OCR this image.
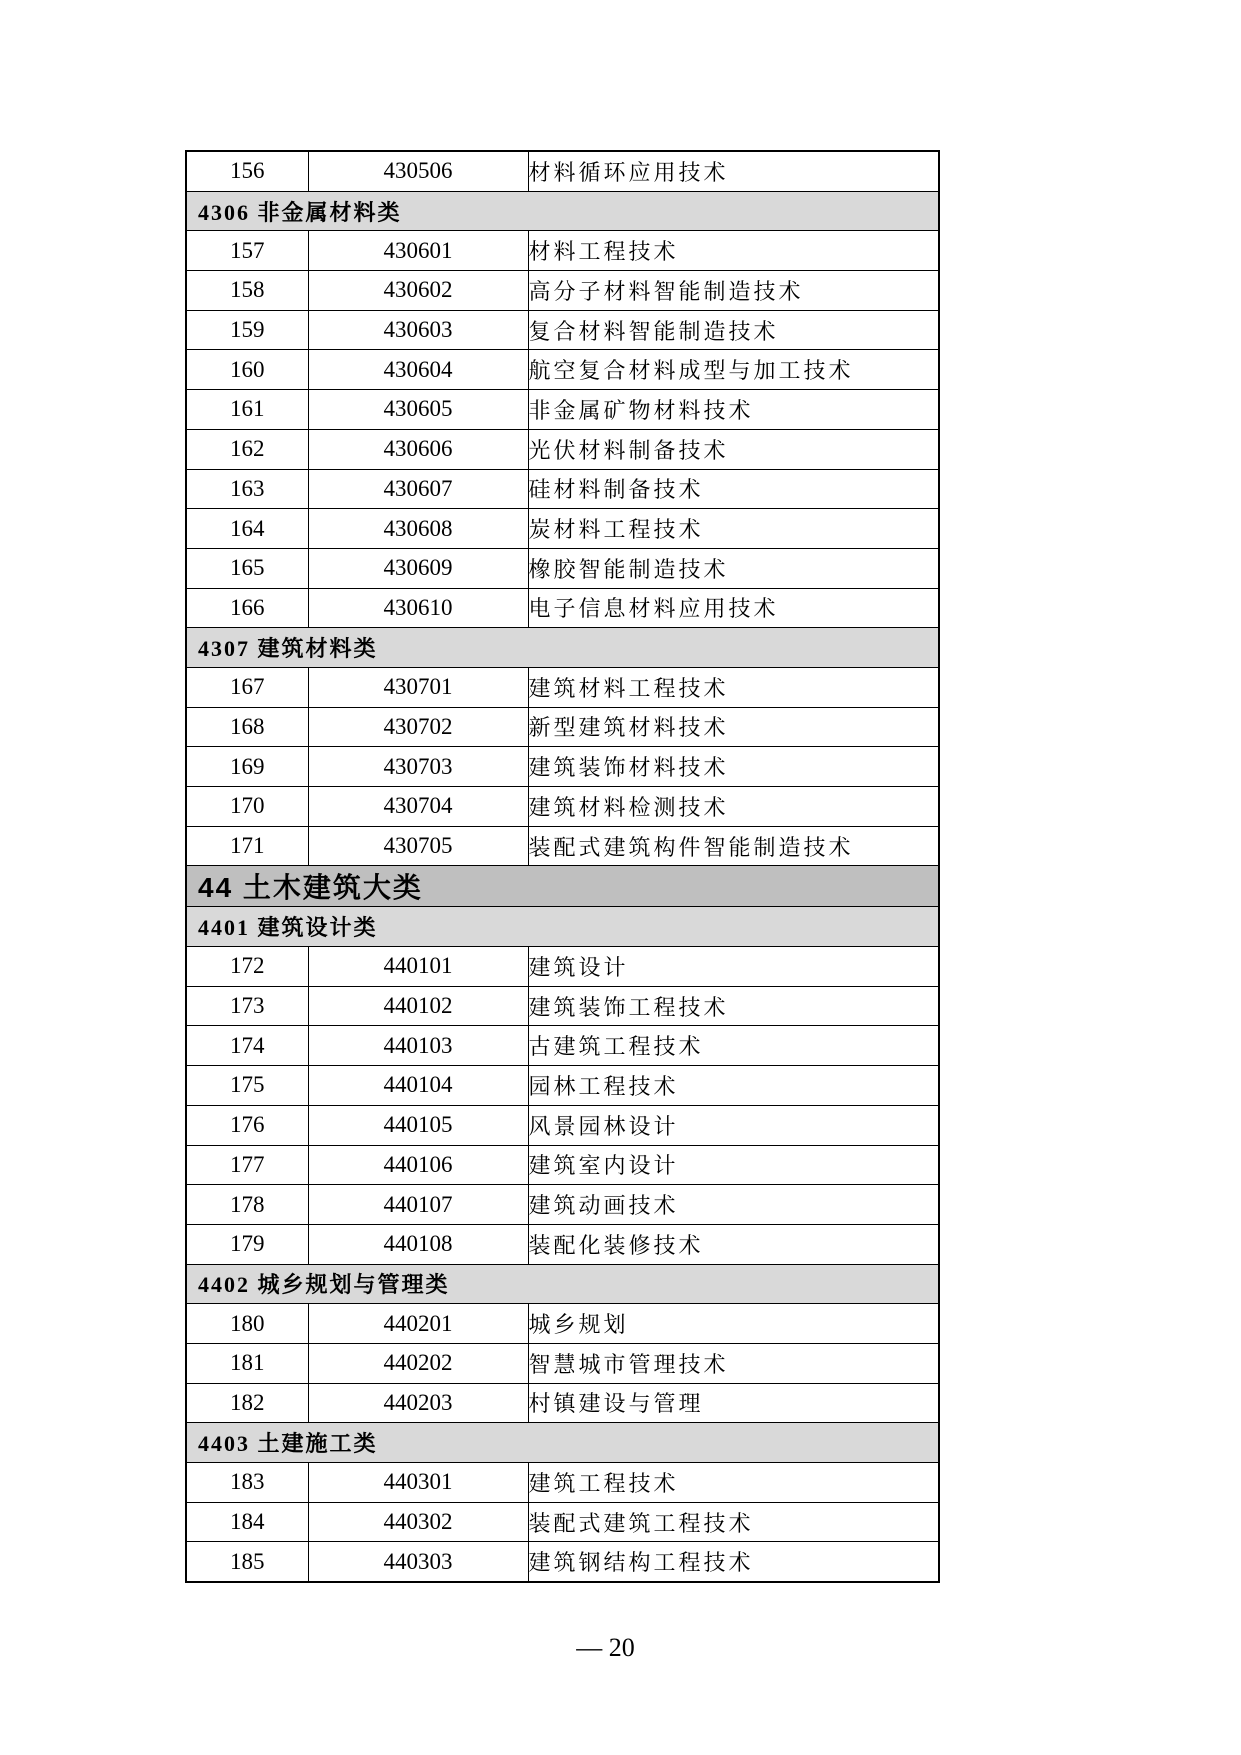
156	430506	材料循环应用技术
4306 非金属材料类		
157	430601	材料工程技术
158	430602	高分子材料智能制造技术
159	430603	复合材料智能制造技术
160	430604	航空复合材料成型与加工技术
161	430605	非金属矿物材料技术
162	430606	光伏材料制备技术
163	430607	硅材料制备技术
164	430608	炭材料工程技术
165	430609	橡胶智能制造技术
166	430610	电子信息材料应用技术
4307 建筑材料类		
167	430701	建筑材料工程技术
168	430702	新型建筑材料技术
169	430703	建筑装饰材料技术
170	430704	建筑材料检测技术
171	430705	装配式建筑构件智能制造技术
44 土木建筑大类		
4401 建筑设计类		
172	440101	建筑设计
173	440102	建筑装饰工程技术
174	440103	古建筑工程技术
175	440104	园林工程技术
176	440105	风景园林设计
177	440106	建筑室内设计
178	440107	建筑动画技术
179	440108	装配化装修技术
4402 城乡规划与管理类		
180	440201	城乡规划
181	440202	智慧城市管理技术
182	440203	村镇建设与管理
4403 土建施工类		
183	440301	建筑工程技术
184	440302	装配式建筑工程技术
185	440303	建筑钢结构工程技术
— 20
